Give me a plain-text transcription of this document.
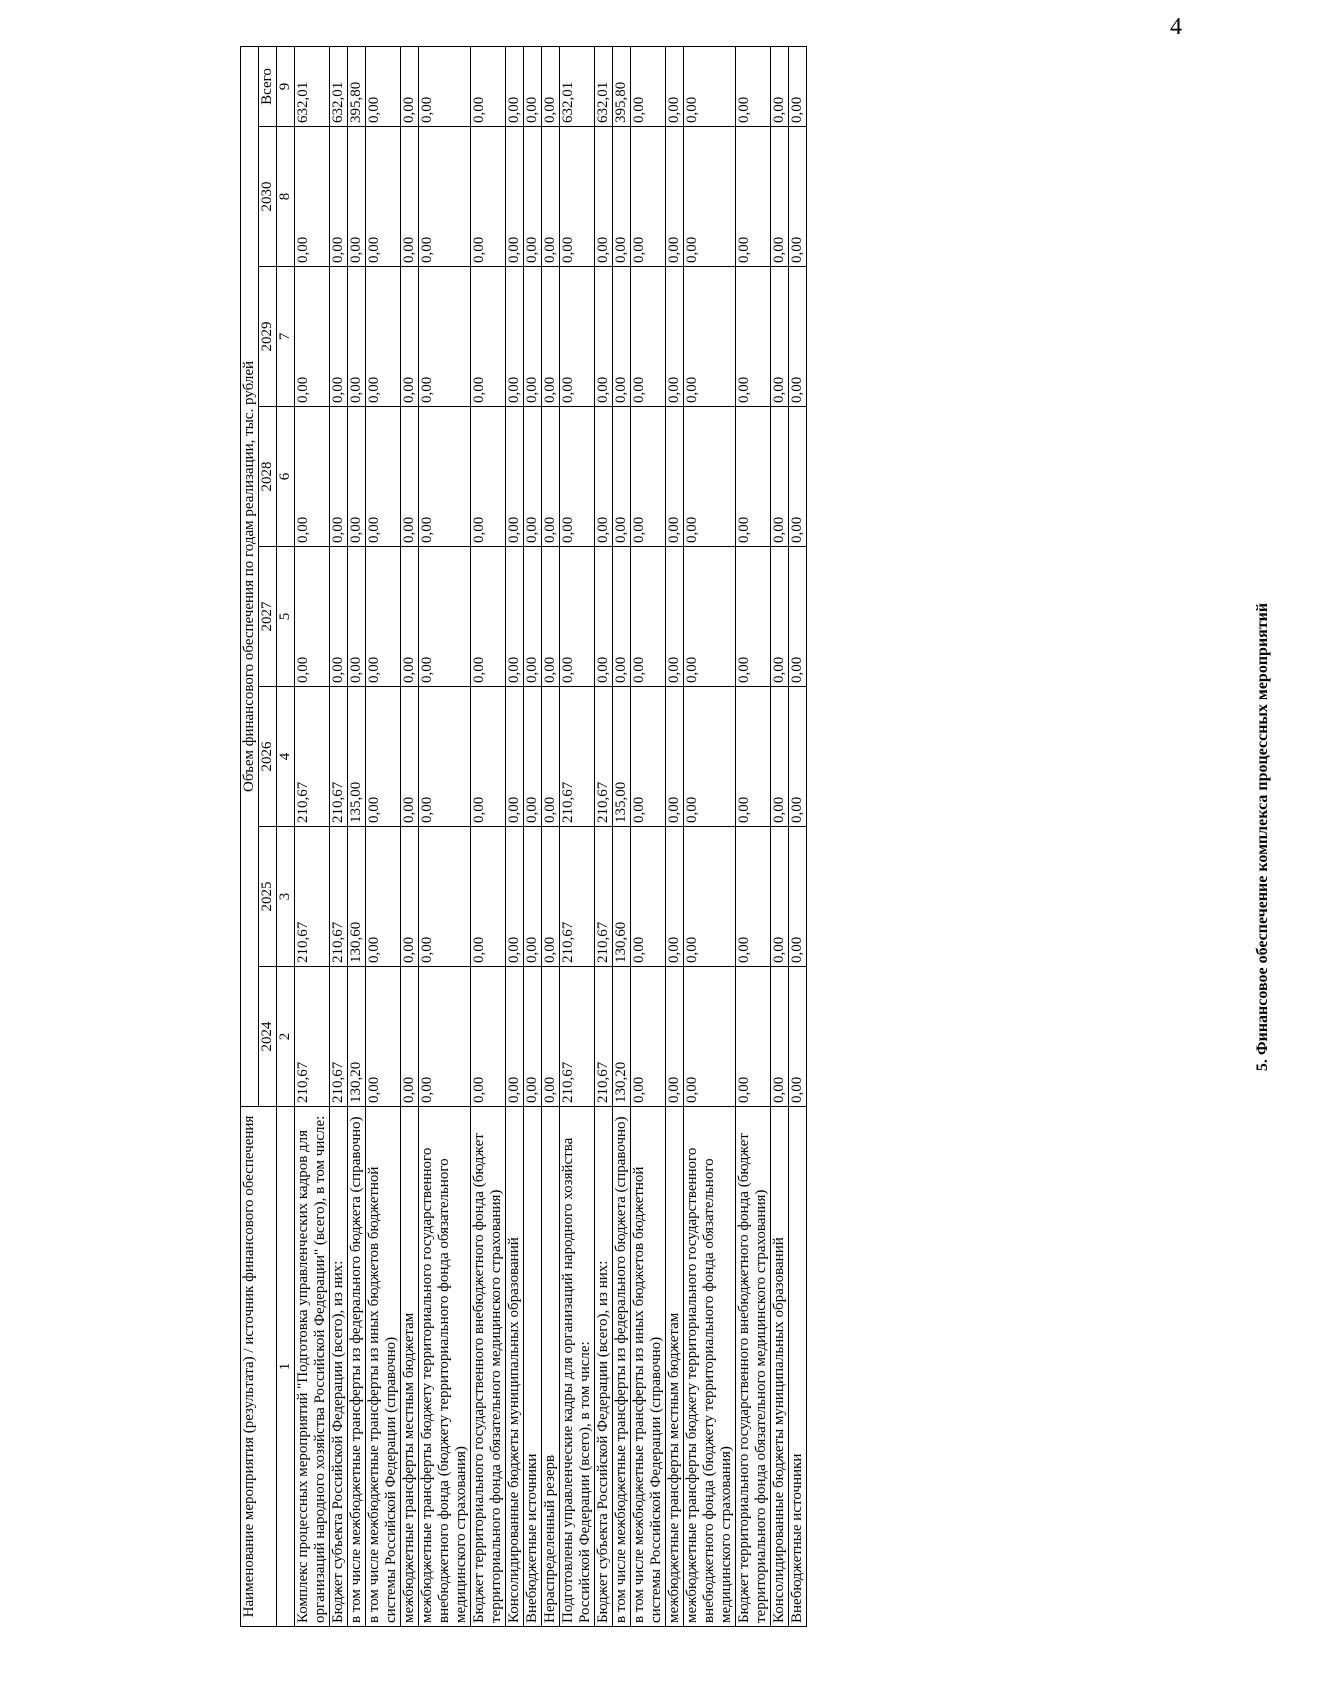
4
5. Финансовое обеспечение комплекса процессных мероприятий
Наименование мероприятия (результата) / источник финансового обеспечения	Объем финансового обеспечения по годам реализации, тыс. рублей							
	2024	2025	2026	2027	2028	2029	2030	Всего
1	2	3	4	5	6	7	8	9
Комплекс процессных мероприятий "Подготовка управленческих кадров для организаций народного хозяйства Российской Федерации" (всего), в том числе:	210,67	210,67	210,67	0,00	0,00	0,00	0,00	632,01
Бюджет субъекта Российской Федерации (всего), из них:	210,67	210,67	210,67	0,00	0,00	0,00	0,00	632,01
в том числе межбюджетные трансферты из федерального бюджета (справочно)	130,20	130,60	135,00	0,00	0,00	0,00	0,00	395,80
в том числе межбюджетные трансферты из иных бюджетов бюджетной системы Российской Федерации (справочно)	0,00	0,00	0,00	0,00	0,00	0,00	0,00	0,00
межбюджетные трансферты местным бюджетам	0,00	0,00	0,00	0,00	0,00	0,00	0,00	0,00
межбюджетные трансферты бюджету территориального государственного внебюджетного фонда (бюджету территориального фонда обязательного медицинского страхования)	0,00	0,00	0,00	0,00	0,00	0,00	0,00	0,00
Бюджет территориального государственного внебюджетного фонда (бюджет территориального фонда обязательного медицинского страхования)	0,00	0,00	0,00	0,00	0,00	0,00	0,00	0,00
Консолидированные бюджеты муниципальных образований	0,00	0,00	0,00	0,00	0,00	0,00	0,00	0,00
Внебюджетные источники	0,00	0,00	0,00	0,00	0,00	0,00	0,00	0,00
Нераспределенный резерв	0,00	0,00	0,00	0,00	0,00	0,00	0,00	0,00
Подготовлены управленческие кадры для организаций народного хозяйства Российской Федерации (всего), в том числе:	210,67	210,67	210,67	0,00	0,00	0,00	0,00	632,01
Бюджет субъекта Российской Федерации (всего), из них:	210,67	210,67	210,67	0,00	0,00	0,00	0,00	632,01
в том числе межбюджетные трансферты из федерального бюджета (справочно)	130,20	130,60	135,00	0,00	0,00	0,00	0,00	395,80
в том числе межбюджетные трансферты из иных бюджетов бюджетной системы Российской Федерации (справочно)	0,00	0,00	0,00	0,00	0,00	0,00	0,00	0,00
межбюджетные трансферты местным бюджетам	0,00	0,00	0,00	0,00	0,00	0,00	0,00	0,00
межбюджетные трансферты бюджету территориального государственного внебюджетного фонда (бюджету территориального фонда обязательного медицинского страхования)	0,00	0,00	0,00	0,00	0,00	0,00	0,00	0,00
Бюджет территориального государственного внебюджетного фонда (бюджет территориального фонда обязательного медицинского страхования)	0,00	0,00	0,00	0,00	0,00	0,00	0,00	0,00
Консолидированные бюджеты муниципальных образований	0,00	0,00	0,00	0,00	0,00	0,00	0,00	0,00
Внебюджетные источники	0,00	0,00	0,00	0,00	0,00	0,00	0,00	0,00
